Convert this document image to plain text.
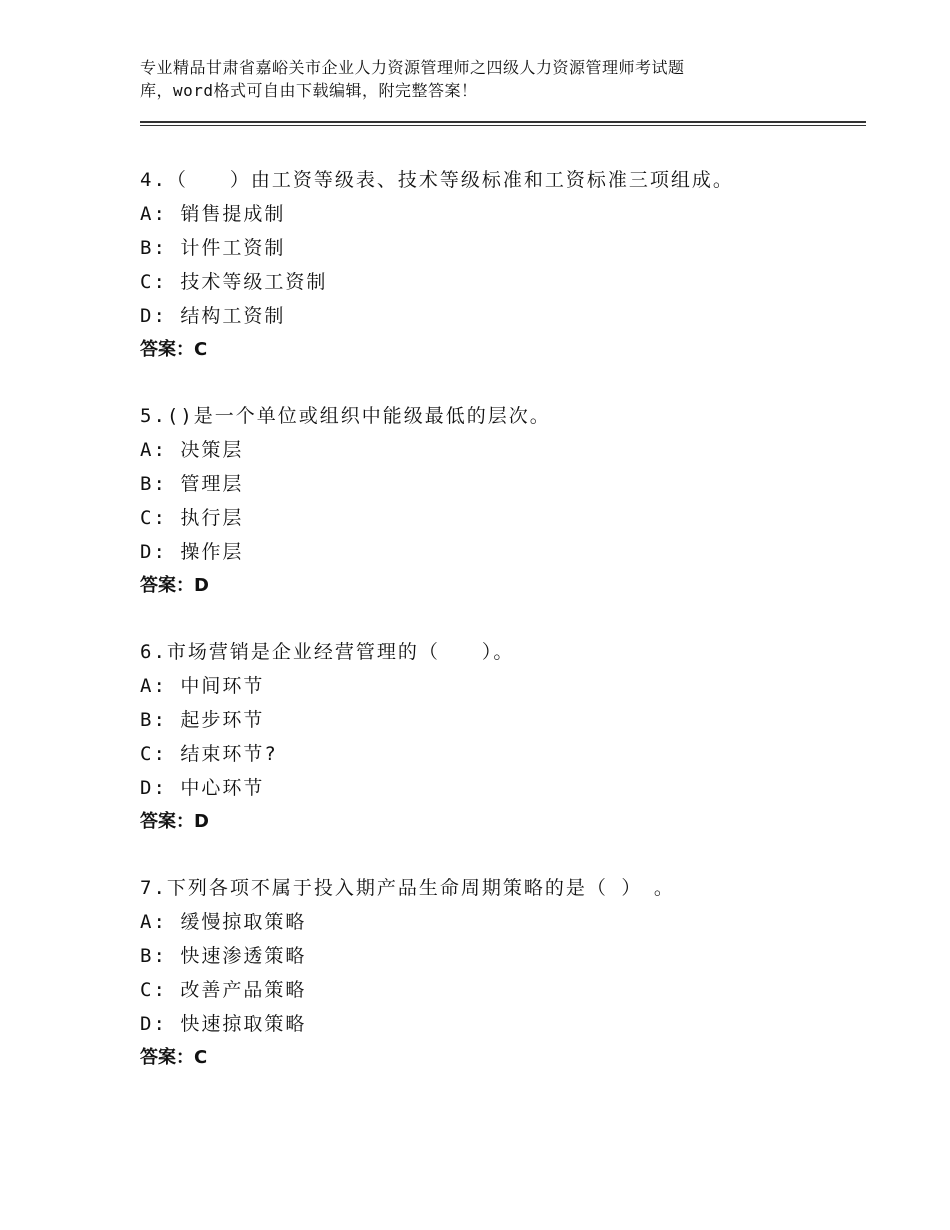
专业精品甘肃省嘉峪关市企业人力资源管理师之四级人力资源管理师考试题
库，word格式可自由下载编辑，附完整答案！
4.（　　）由工资等级表、技术等级标准和工资标准三项组成。
A: 销售提成制
B: 计件工资制
C: 技术等级工资制
D: 结构工资制
答案：C
5.()是一个单位或组织中能级最低的层次。
A: 决策层
B: 管理层
C: 执行层
D: 操作层
答案：D
6.市场营销是企业经营管理的（　　）。
A: 中间环节
B: 起步环节
C: 结束环节?
D: 中心环节
答案：D
7.下列各项不属于投入期产品生命周期策略的是（ ）　。
A: 缓慢掠取策略
B: 快速渗透策略
C: 改善产品策略
D: 快速掠取策略
答案：C
